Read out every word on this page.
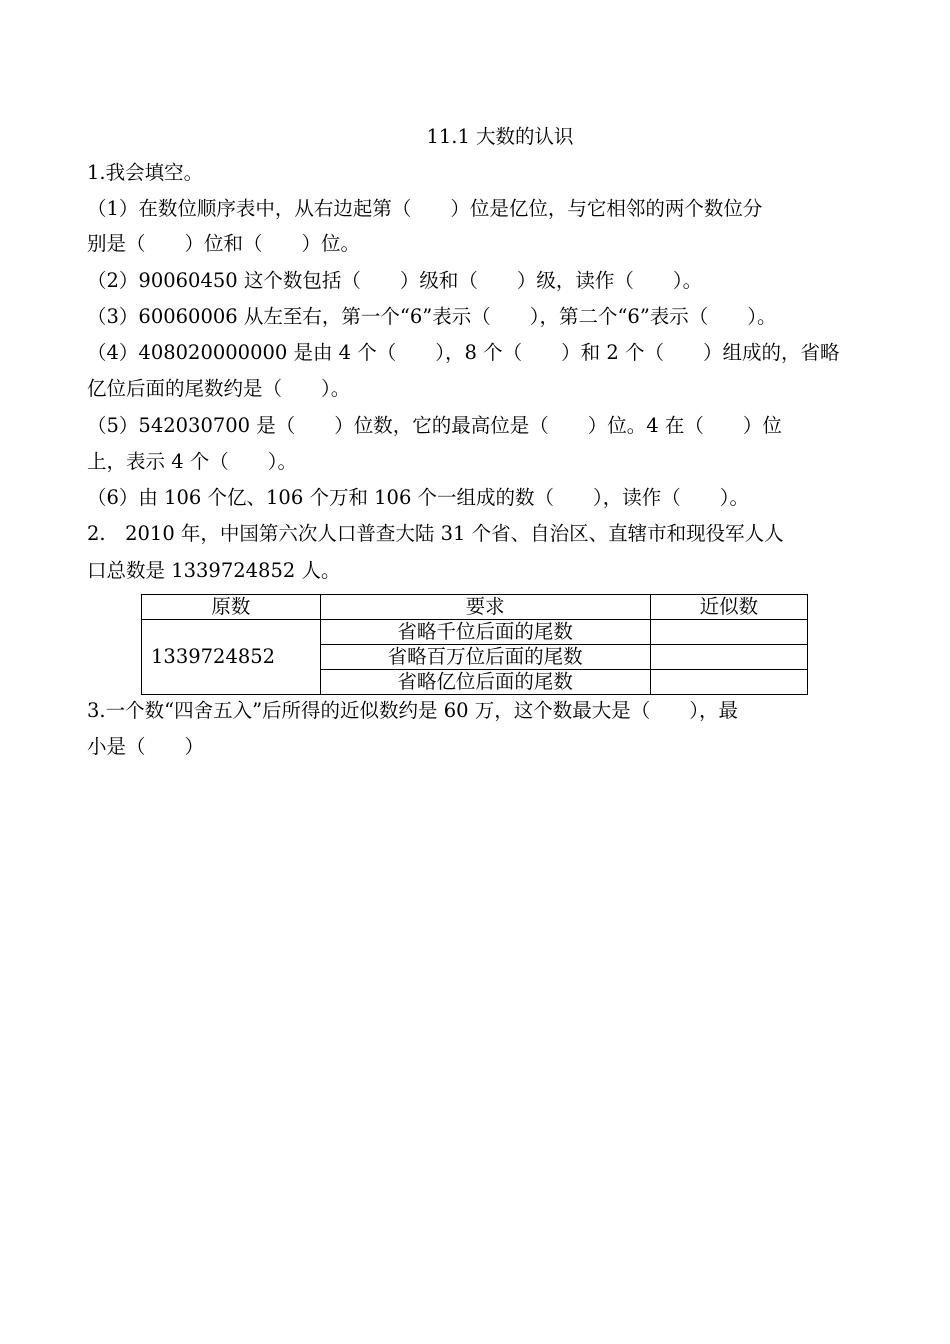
11.1 大数的认识
1.我会填空。
（1）在数位顺序表中，从右边起第（　　）位是亿位，与它相邻的两个数位分
别是（　　）位和（　　）位。
（2）90060450 这个数包括（　　）级和（　　）级，读作（　　）。
（3）60060006 从左至右，第一个“6”表示（　　），第二个“6”表示（　　）。
（4）408020000000 是由 4 个（　　），8 个（　　）和 2 个（　　）组成的，省略
亿位后面的尾数约是（　　）。
（5）542030700 是（　　）位数，它的最高位是（　　）位。4 在（　　）位
上，表示 4 个（　　）。
（6）由 106 个亿、106 个万和 106 个一组成的数（　　），读作（　　）。
2.　2010 年，中国第六次人口普查大陆 31 个省、自治区、直辖市和现役军人人
口总数是 1339724852 人。
原数	要求	近似数
1339724852	省略千位后面的尾数	
	省略百万位后面的尾数	
	省略亿位后面的尾数	
3.一个数“四舍五入”后所得的近似数约是 60 万，这个数最大是（　　），最
小是（　　）
